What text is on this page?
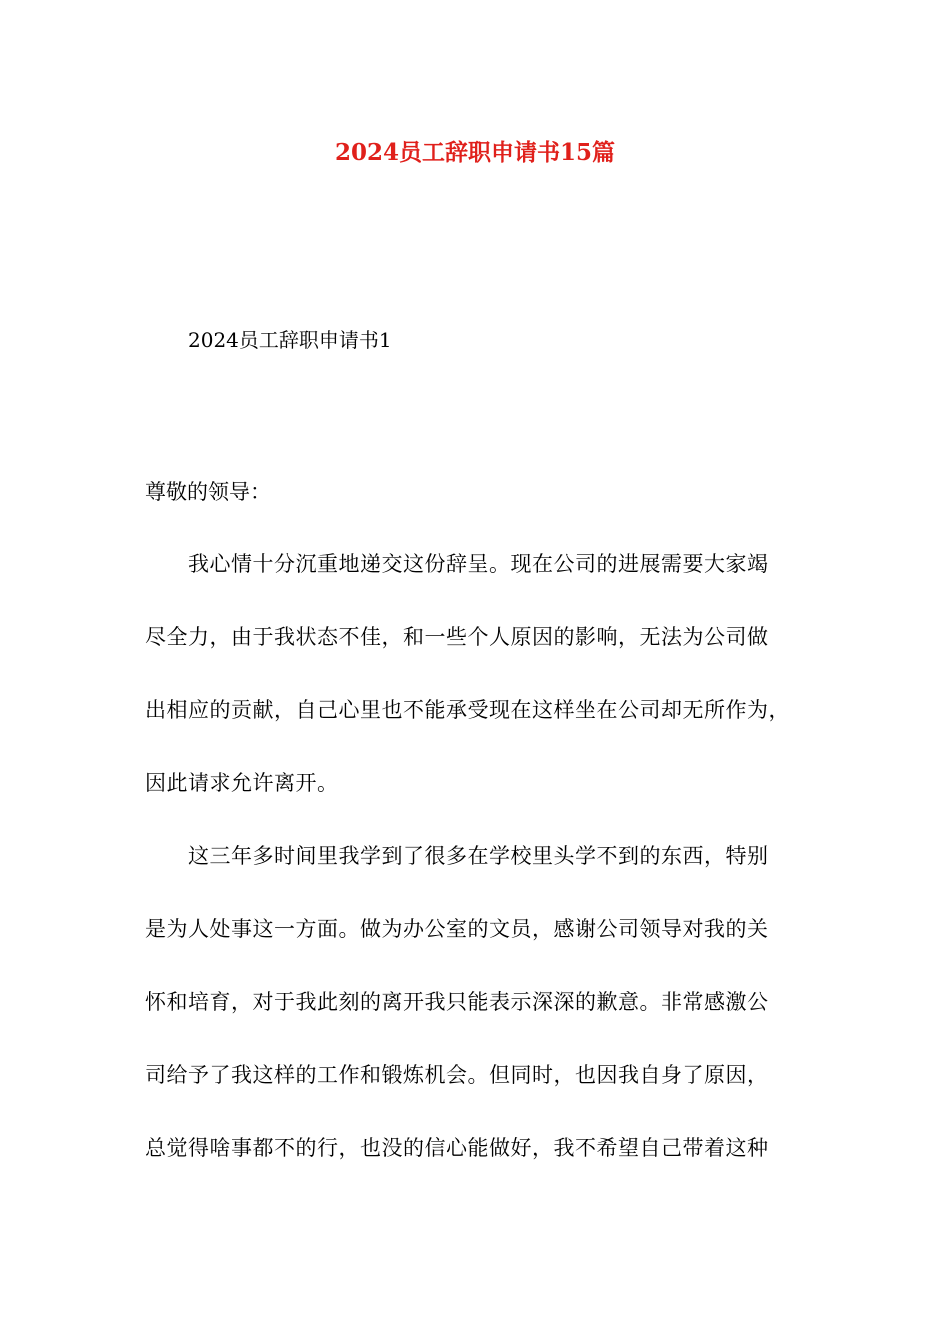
2024员工辞职申请书15篇
2024员工辞职申请书1

尊敬的领导：

我心情十分沉重地递交这份辞呈。现在公司的进展需要大家竭

尽全力，由于我状态不佳，和一些个人原因的影响，无法为公司做

出相应的贡献，自己心里也不能承受现在这样坐在公司却无所作为，

因此请求允许离开。

这三年多时间里我学到了很多在学校里头学不到的东西，特别

是为人处事这一方面。做为办公室的文员，感谢公司领导对我的关

怀和培育，对于我此刻的离开我只能表示深深的歉意。非常感激公

司给予了我这样的工作和锻炼机会。但同时，也因我自身了原因，

总觉得啥事都不的行，也没的信心能做好，我不希望自己带着这种
